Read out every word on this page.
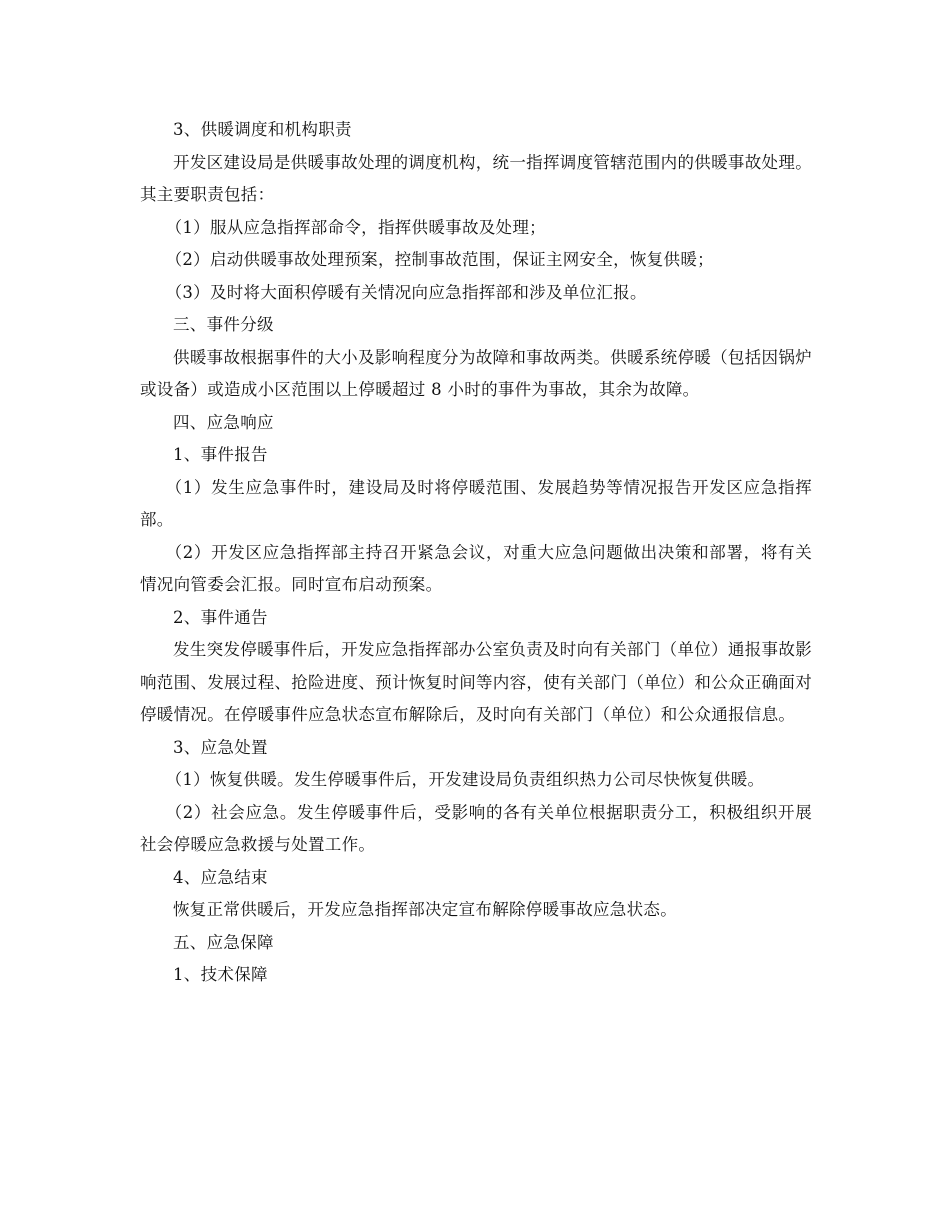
3、供暖调度和机构职责

开发区建设局是供暖事故处理的调度机构，统一指挥调度管辖范围内的供暖事故处理。其主要职责包括：

（1）服从应急指挥部命令，指挥供暖事故及处理；

（2）启动供暖事故处理预案，控制事故范围，保证主网安全，恢复供暖；

（3）及时将大面积停暖有关情况向应急指挥部和涉及单位汇报。

三、事件分级

供暖事故根据事件的大小及影响程度分为故障和事故两类。供暖系统停暖（包括因锅炉或设备）或造成小区范围以上停暖超过 8 小时的事件为事故，其余为故障。

四、应急响应

1、事件报告

（1）发生应急事件时，建设局及时将停暖范围、发展趋势等情况报告开发区应急指挥部。

（2）开发区应急指挥部主持召开紧急会议，对重大应急问题做出决策和部署，将有关情况向管委会汇报。同时宣布启动预案。

2、事件通告

发生突发停暖事件后，开发应急指挥部办公室负责及时向有关部门（单位）通报事故影响范围、发展过程、抢险进度、预计恢复时间等内容，使有关部门（单位）和公众正确面对停暖情况。在停暖事件应急状态宣布解除后，及时向有关部门（单位）和公众通报信息。

3、应急处置

（1）恢复供暖。发生停暖事件后，开发建设局负责组织热力公司尽快恢复供暖。

（2）社会应急。发生停暖事件后，受影响的各有关单位根据职责分工，积极组织开展社会停暖应急救援与处置工作。

4、应急结束

恢复正常供暖后，开发应急指挥部决定宣布解除停暖事故应急状态。

五、应急保障

1、技术保障
